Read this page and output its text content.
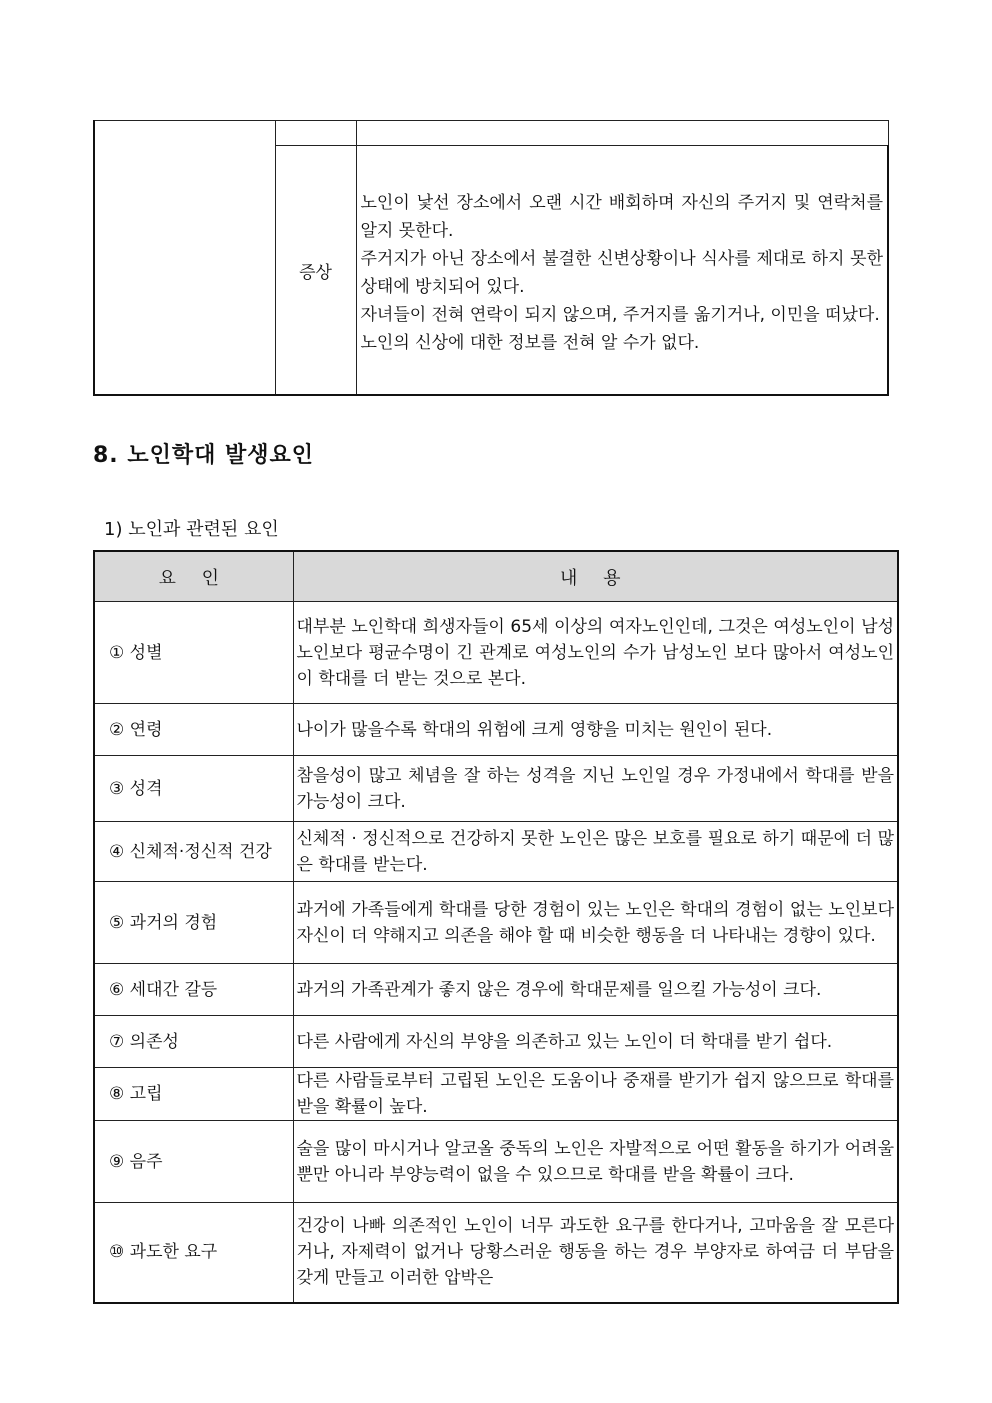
	증상	노인이 낯선 장소에서 오랜 시간 배회하며 자신의 주거지 및 연락처를 알지 못한다.

주거지가 아닌 장소에서 불결한 신변상황이나 식사를 제대로 하지 못한 상태에 방치되어 있다.

자녀들이 전혀 연락이 되지 않으며, 주거지를 옮기거나, 이민을 떠났다.

노인의 신상에 대한 정보를 전혀 알 수가 없다.

8. 노인학대 발생요인
1) 노인과 관련된 요인
요 인	내 용
① 성별	대부분 노인학대 희생자들이 65세 이상의 여자노인인데, 그것은 여성노인이 남성노인보다 평균수명이 긴 관계로 여성노인의 수가 남성노인 보다 많아서 여성노인이 학대를 더 받는 것으로 본다.
② 연령	나이가 많을수록 학대의 위험에 크게 영향을 미치는 원인이 된다.
③ 성격	참을성이 많고 체념을 잘 하는 성격을 지닌 노인일 경우 가정내에서 학대를 받을 가능성이 크다.
④ 신체적·정신적 건강	신체적 · 정신적으로 건강하지 못한 노인은 많은 보호를 필요로 하기 때문에 더 많은 학대를 받는다.
⑤ 과거의 경험	과거에 가족들에게 학대를 당한 경험이 있는 노인은 학대의 경험이 없는 노인보다 자신이 더 약해지고 의존을 해야 할 때 비슷한 행동을 더 나타내는 경향이 있다.
⑥ 세대간 갈등	과거의 가족관계가 좋지 않은 경우에 학대문제를 일으킬 가능성이 크다.
⑦ 의존성	다른 사람에게 자신의 부양을 의존하고 있는 노인이 더 학대를 받기 쉽다.
⑧ 고립	다른 사람들로부터 고립된 노인은 도움이나 중재를 받기가 쉽지 않으므로 학대를 받을 확률이 높다.
⑨ 음주	술을 많이 마시거나 알코올 중독의 노인은 자발적으로 어떤 활동을 하기가 어려울 뿐만 아니라 부양능력이 없을 수 있으므로 학대를 받을 확률이 크다.
⑩ 과도한 요구	건강이 나빠 의존적인 노인이 너무 과도한 요구를 한다거나, 고마움을 잘 모른다거나, 자제력이 없거나 당황스러운 행동을 하는 경우 부양자로 하여금 더 부담을 갖게 만들고 이러한 압박은
